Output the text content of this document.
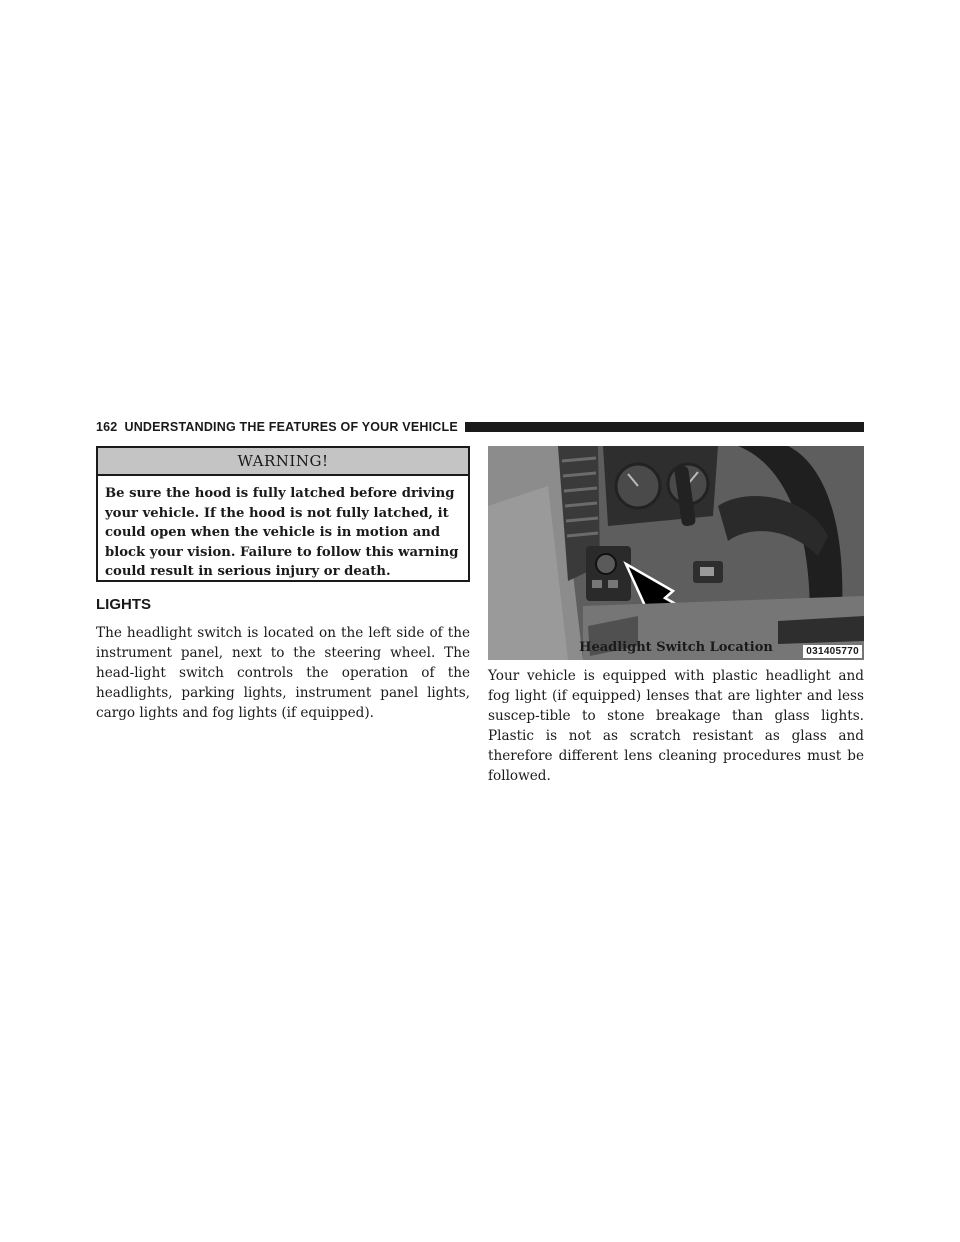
162 UNDERSTANDING THE FEATURES OF YOUR VEHICLE
WARNING!
Be sure the hood is fully latched before driving your vehicle. If the hood is not fully latched, it could open when the vehicle is in motion and block your vision. Failure to follow this warning could result in serious injury or death.
LIGHTS
The headlight switch is located on the left side of the instrument panel, next to the steering wheel. The head-light switch controls the operation of the headlights, parking lights, instrument panel lights, cargo lights and fog lights (if equipped).
031405770
Headlight Switch Location
Your vehicle is equipped with plastic headlight and fog light (if equipped) lenses that are lighter and less suscep-tible to stone breakage than glass lights. Plastic is not as scratch resistant as glass and therefore different lens cleaning procedures must be followed.
